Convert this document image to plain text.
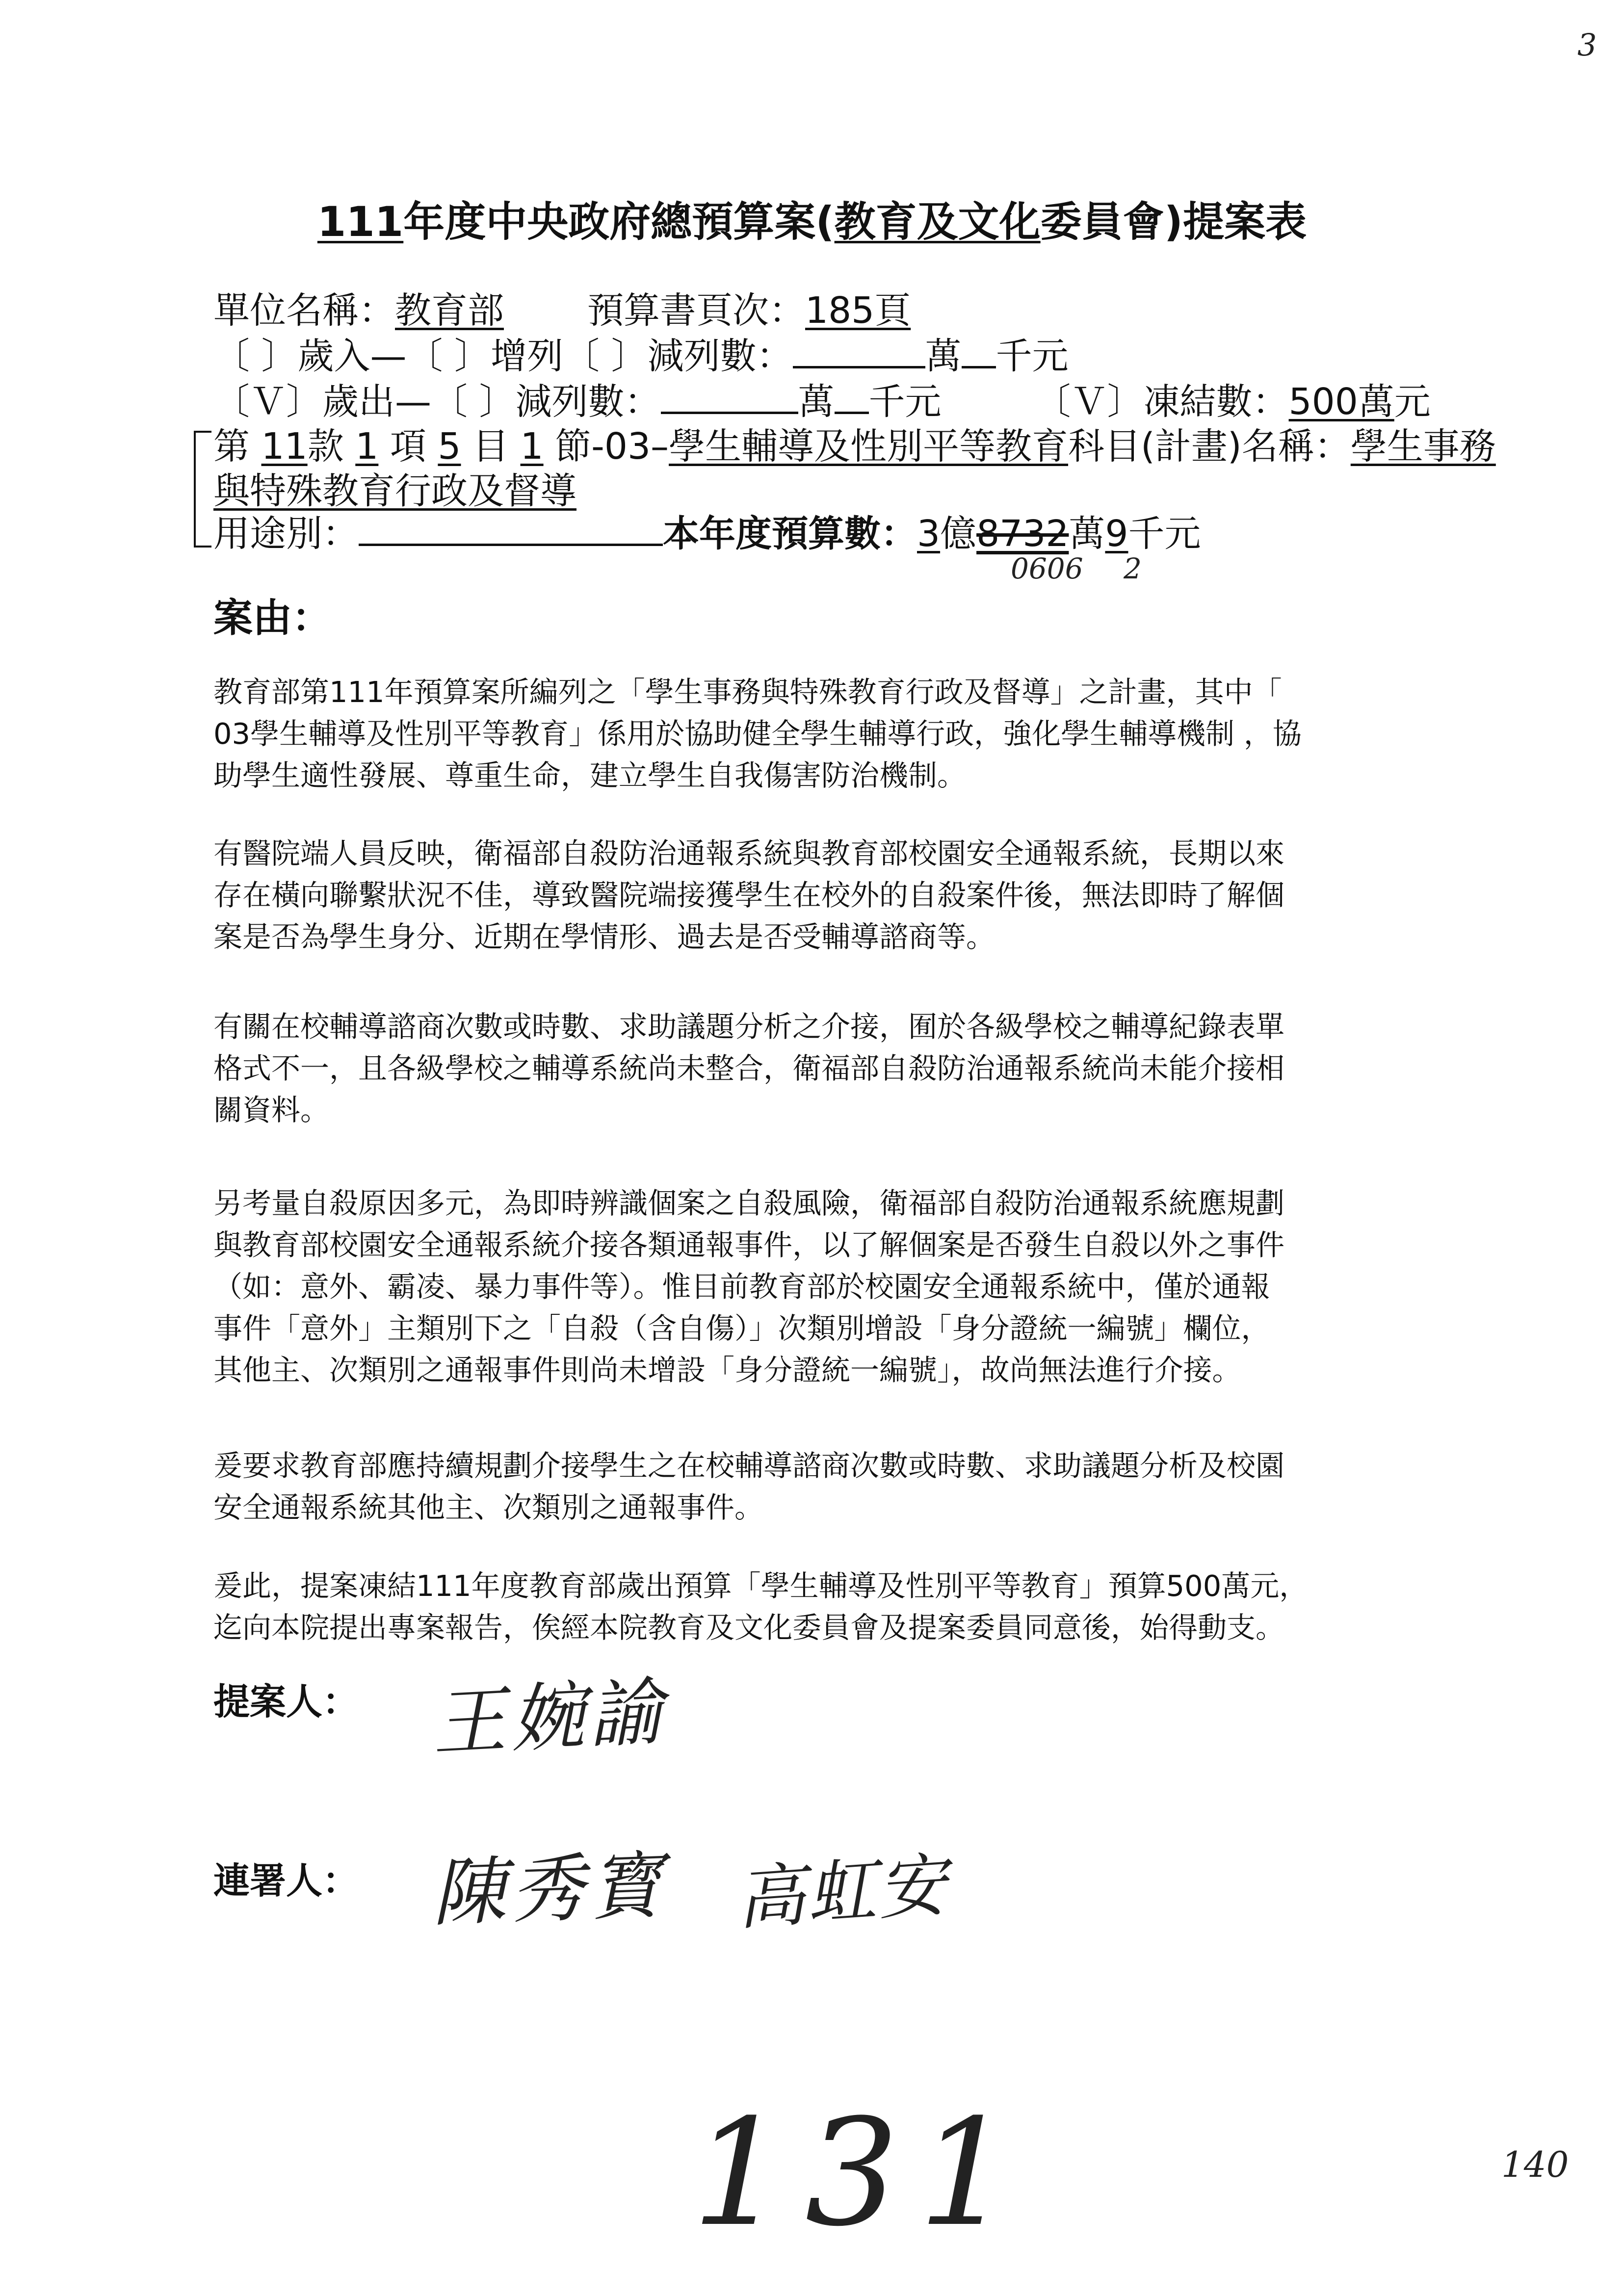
3
111年度中央政府總預算案(教育及文化委員會)提案表
單位名稱：教育部 預算書頁次：185頁
〔 〕歲入—〔 〕增列〔 〕減列數：	萬 千元
〔Ｖ〕歲出—〔 〕減列數：	萬 千元	〔Ｖ〕凍結數：500萬元
第 11款 1 項 5 目 1 節-03–學生輔導及性別平等教育科目(計畫)名稱：學生事務
與特殊教育行政及督導
用途別：	本年度預算數：3億8732萬9千元
0606 2
案由：
教育部第111年預算案所編列之「學生事務與特殊教育行政及督導」之計畫，其中「
03學生輔導及性別平等教育」係用於協助健全學生輔導行政，強化學生輔導機制 ，協
助學生適性發展、尊重生命，建立學生自我傷害防治機制。
有醫院端人員反映，衛福部自殺防治通報系統與教育部校園安全通報系統，長期以來
存在橫向聯繫狀況不佳，導致醫院端接獲學生在校外的自殺案件後，無法即時了解個
案是否為學生身分、近期在學情形、過去是否受輔導諮商等。
有關在校輔導諮商次數或時數、求助議題分析之介接，囿於各級學校之輔導紀錄表單
格式不一，且各級學校之輔導系統尚未整合，衛福部自殺防治通報系統尚未能介接相
關資料。
另考量自殺原因多元，為即時辨識個案之自殺風險，衛福部自殺防治通報系統應規劃
與教育部校園安全通報系統介接各類通報事件，以了解個案是否發生自殺以外之事件
（如：意外、霸凌、暴力事件等）。惟目前教育部於校園安全通報系統中，僅於通報
事件「意外」主類別下之「自殺（含自傷）」次類別增設「身分證統一編號」欄位，
其他主、次類別之通報事件則尚未增設「身分證統一編號」，故尚無法進行介接。
爰要求教育部應持續規劃介接學生之在校輔導諮商次數或時數、求助議題分析及校園
安全通報系統其他主、次類別之通報事件。
爰此，提案凍結111年度教育部歲出預算「學生輔導及性別平等教育」預算500萬元，
迄向本院提出專案報告，俟經本院教育及文化委員會及提案委員同意後，始得動支。
提案人： 王婉諭
連署人： 陳秀寳 高虹安
131	140
